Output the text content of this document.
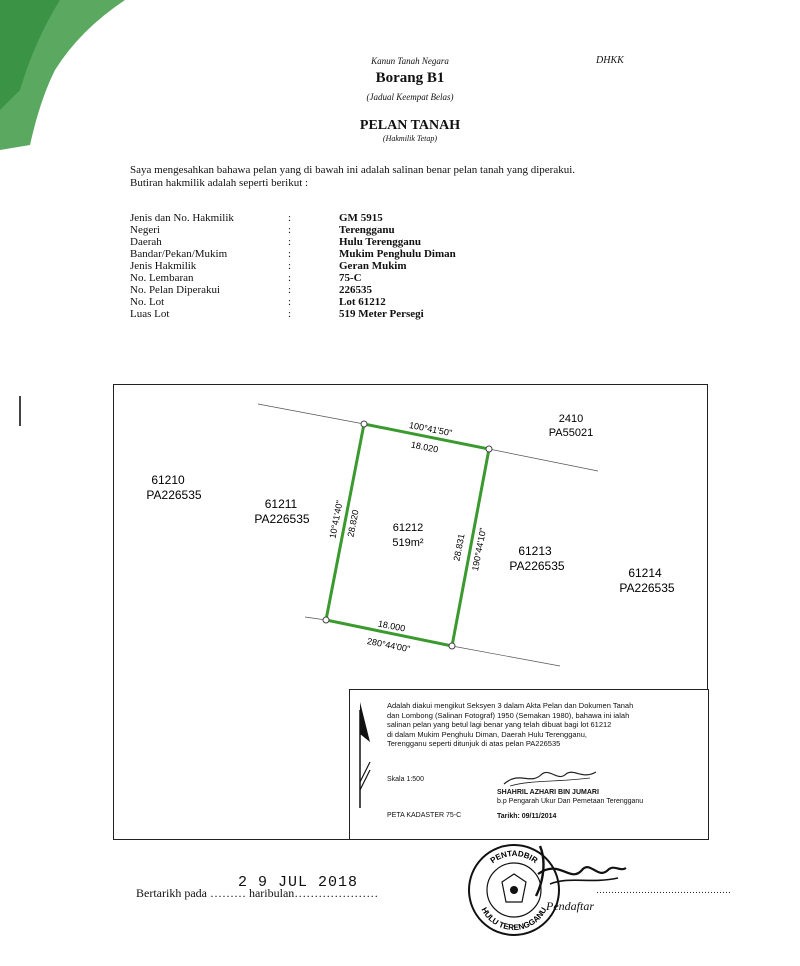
Kanun Tanah Negara	DHKK
Borang B1
(Jadual Keempat Belas)
PELAN TANAH
(Hakmilik Tetap)
Saya mengesahkan bahawa pelan yang di bawah ini adalah salinan benar pelan tanah yang diperakui.
Butiran hakmilik adalah seperti berikut :
Jenis dan No. Hakmilik	:	GM 5915
Negeri	:	Terengganu
Daerah	:	Hulu Terengganu
Bandar/Pekan/Mukim	:	Mukim Penghulu Diman
Jenis Hakmilik	:	Geran Mukim
No. Lembaran	:	75-C
No. Pelan Diperakui	:	226535
No. Lot	:	Lot 61212
Luas Lot	:	519 Meter Persegi
100°41'50"
18.020
10°41'40" 28.820
28.831 190°44'10"
18.000
280°44'00"
61212
519m²
2410
PA55021
61210
PA226535
61211
PA226535
61213
PA226535	61214
PA226535
Adalah diakui mengikut Seksyen 3 dalam Akta Pelan dan Dokumen Tanah
dan Lombong (Salinan Fotograf) 1950 (Semakan 1980), bahawa ini ialah
salinan pelan yang betul lagi benar yang telah dibuat bagi lot 61212
di dalam Mukim Penghulu Diman, Daerah Hulu Terengganu,
Terengganu seperti ditunjuk di atas pelan PA226535
Skala 1:500
SHAHRIL AZHARI BIN JUMARI
b.p Pengarah Ukur Dan Pemetaan Terengganu
PETA KADASTER 75-C	Tarikh: 09/11/2014
Bertarikh pada ……… haribulan…………………
2 9 JUL 2018
PENTADBIR
HULU TERENGGANU
………………………………………
Pendaftar
